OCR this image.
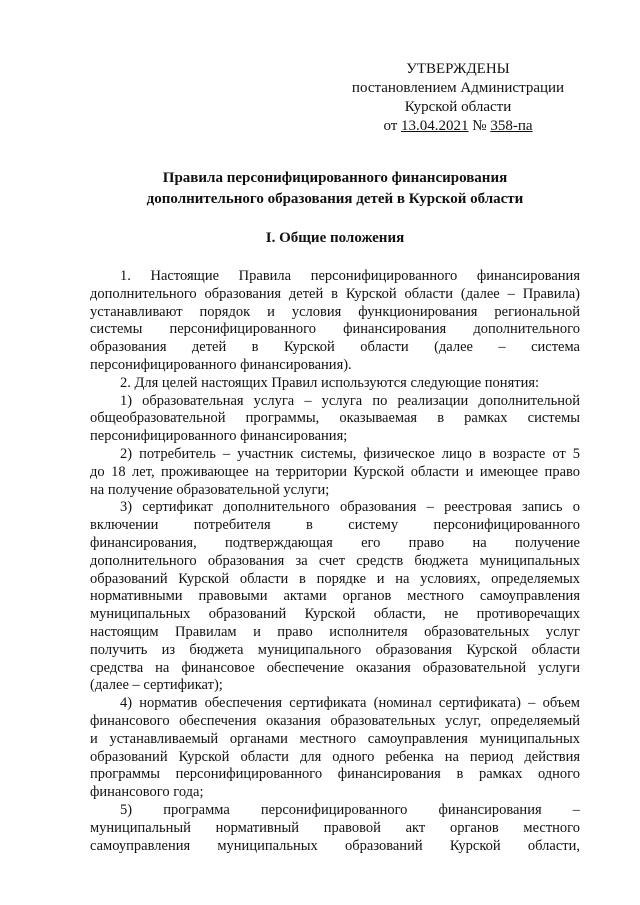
УТВЕРЖДЕНЫ
постановлением Администрации
Курской области
от 13.04.2021 № 358-па
Правила персонифицированного финансирования
дополнительного образования детей в Курской области
I. Общие положения
1. Настоящие Правила персонифицированного финансирования
дополнительного образования детей в Курской области (далее – Правила)
устанавливают порядок и условия функционирования региональной
системы персонифицированного финансирования дополнительного
образования детей в Курской области (далее – система
персонифицированного финансирования).
2. Для целей настоящих Правил используются следующие понятия:
1) образовательная услуга – услуга по реализации дополнительной
общеобразовательной программы, оказываемая в рамках системы
персонифицированного финансирования;
2) потребитель – участник системы, физическое лицо в возрасте от 5
до 18 лет, проживающее на территории Курской области и имеющее право
на получение образовательной услуги;
3) сертификат дополнительного образования – реестровая запись о
включении потребителя в систему персонифицированного
финансирования, подтверждающая его право на получение
дополнительного образования за счет средств бюджета муниципальных
образований Курской области в порядке и на условиях, определяемых
нормативными правовыми актами органов местного самоуправления
муниципальных образований Курской области, не противоречащих
настоящим Правилам и право исполнителя образовательных услуг
получить из бюджета муниципального образования Курской области
средства на финансовое обеспечение оказания образовательной услуги
(далее – сертификат);
4) норматив обеспечения сертификата (номинал сертификата) – объем
финансового обеспечения оказания образовательных услуг, определяемый
и устанавливаемый органами местного самоуправления муниципальных
образований Курской области для одного ребенка на период действия
программы персонифицированного финансирования в рамках одного
финансового года;
5) программа персонифицированного финансирования –
муниципальный нормативный правовой акт органов местного
самоуправления муниципальных образований Курской области,
